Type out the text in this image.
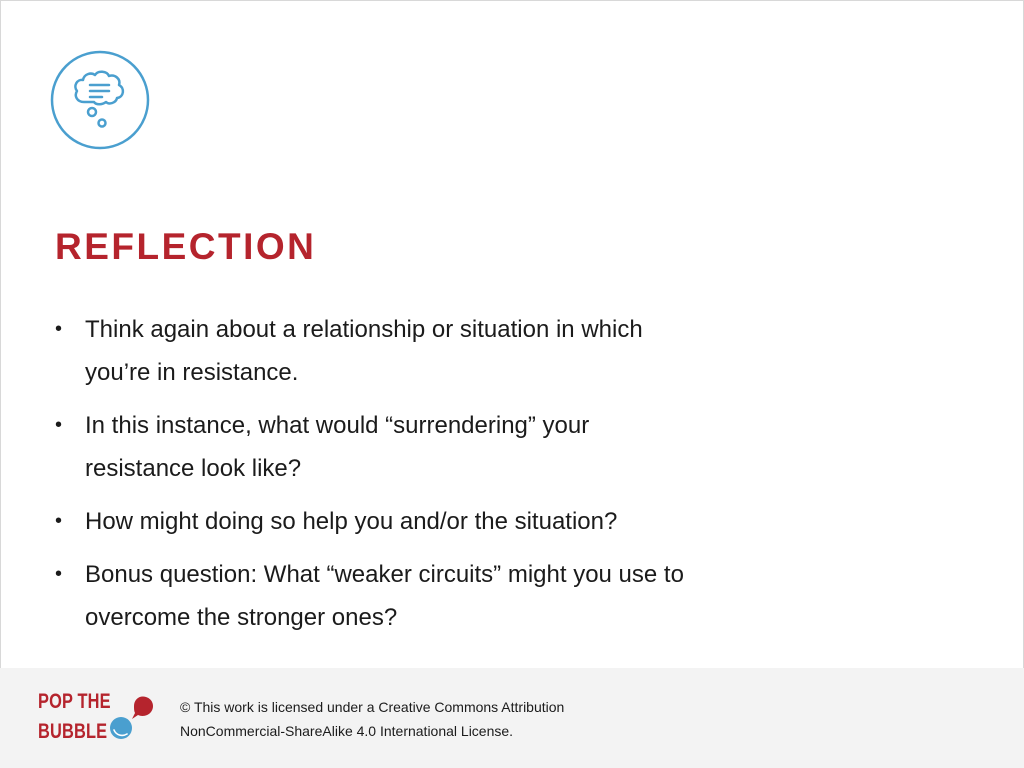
REFLECTION
• Think again about a relationship or situation in which you’re in resistance.
• In this instance, what would “surrendering” your resistance look like?
• How might doing so help you and/or the situation?
• Bonus question: What “weaker circuits” might you use to overcome the stronger ones?
POP THE
BUBBLE
© This work is licensed under a Creative Commons Attribution
NonCommercial-ShareAlike 4.0 International License.
